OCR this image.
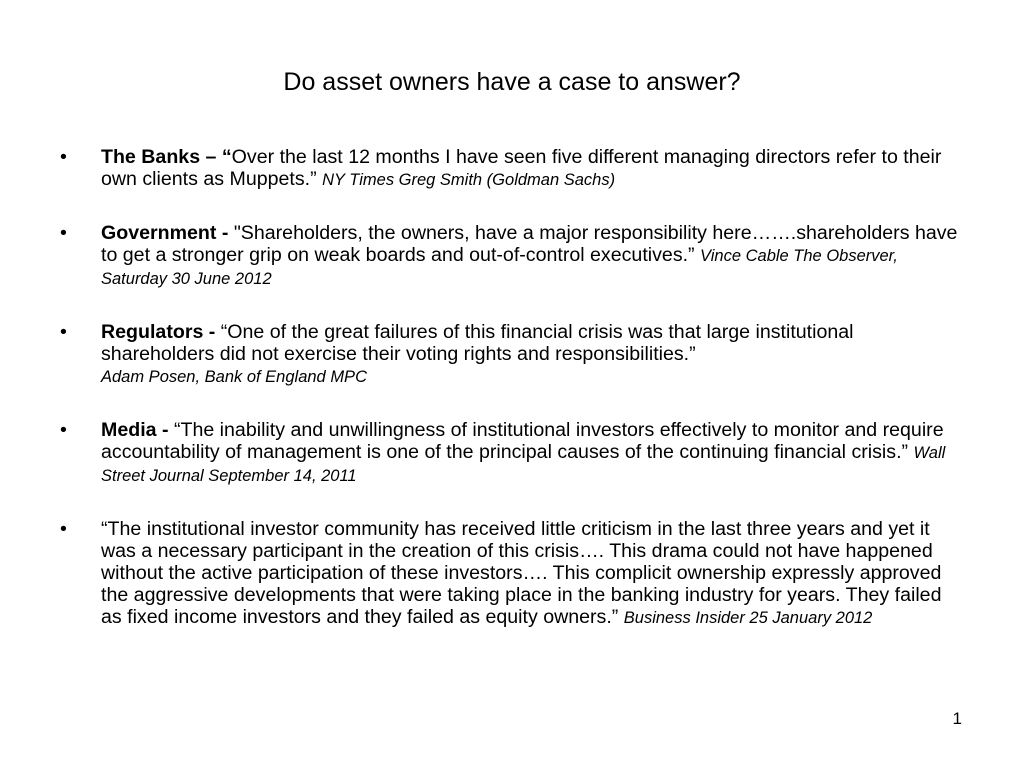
Do asset owners have a case to answer?
•	The Banks – “Over the last 12 months I have seen five different managing directors refer to their own clients as Muppets.” NY Times Greg Smith (Goldman Sachs)
•	Government - "Shareholders, the owners, have a major responsibility here…….shareholders have to get a stronger grip on weak boards and out-of-control executives.” Vince Cable The Observer, Saturday 30 June 2012
•	Regulators - “One of the great failures of this financial crisis was that large institutional shareholders did not exercise their voting rights and responsibilities.”
Adam Posen, Bank of England MPC
•	Media - “The inability and unwillingness of institutional investors effectively to monitor and require accountability of management is one of the principal causes of the continuing financial crisis.” Wall Street Journal September 14, 2011
•	“The institutional investor community has received little criticism in the last three years and yet it was a necessary participant in the creation of this crisis…. This drama could not have happened without the active participation of these investors…. This complicit ownership expressly approved the aggressive developments that were taking place in the banking industry for years. They failed as fixed income investors and they failed as equity owners.” Business Insider 25 January 2012
1
